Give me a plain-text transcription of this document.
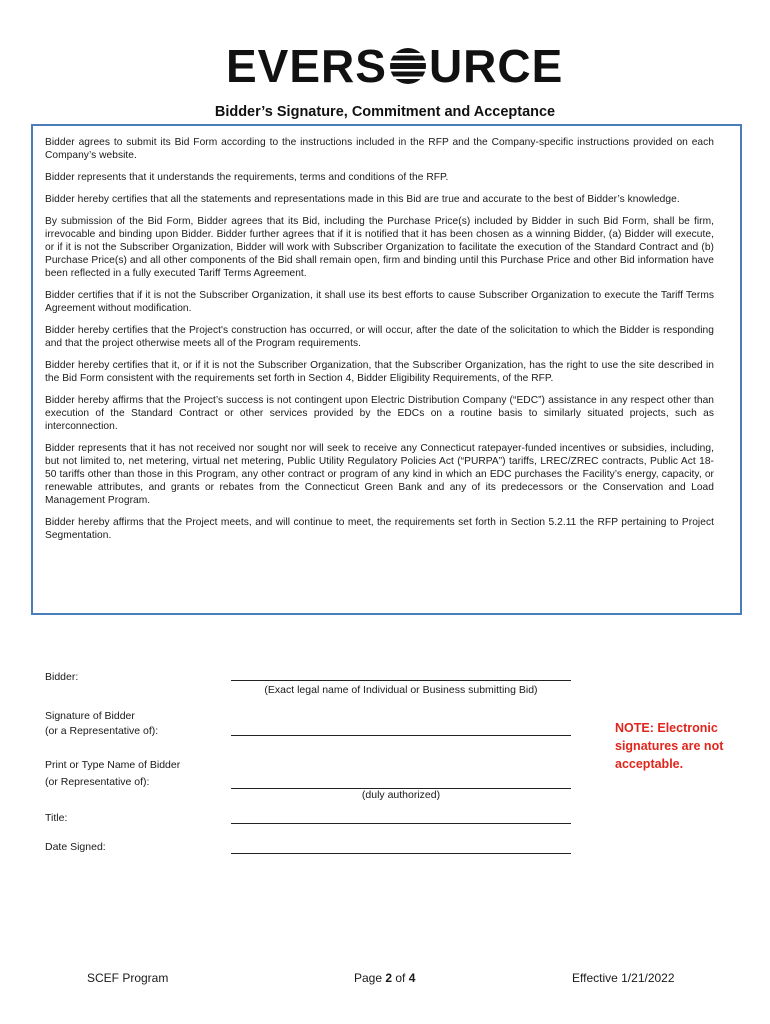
EVERS URCE
Bidder’s Signature, Commitment and Acceptance

Bidder agrees to submit its Bid Form according to the instructions included in the RFP and the Company-specific instructions provided on each Company’s website.

Bidder represents that it understands the requirements, terms and conditions of the RFP.

Bidder hereby certifies that all the statements and representations made in this Bid are true and accurate to the best of Bidder’s knowledge.

By submission of the Bid Form, Bidder agrees that its Bid, including the Purchase Price(s) included by Bidder in such Bid Form, shall be firm, irrevocable and binding upon Bidder. Bidder further agrees that if it is notified that it has been chosen as a winning Bidder, (a) Bidder will execute, or if it is not the Subscriber Organization, Bidder will work with Subscriber Organization to facilitate the execution of the Standard Contract and (b) Purchase Price(s) and all other components of the Bid shall remain open, firm and binding until this Purchase Price and other Bid information have been reflected in a fully executed Tariff Terms Agreement.

Bidder certifies that if it is not the Subscriber Organization, it shall use its best efforts to cause Subscriber Organization to execute the Tariff Terms Agreement without modification.

Bidder hereby certifies that the Project's construction has occurred, or will occur, after the date of the solicitation to which the Bidder is responding and that the project otherwise meets all of the Program requirements.

Bidder hereby certifies that it, or if it is not the Subscriber Organization, that the Subscriber Organization, has the right to use the site described in the Bid Form consistent with the requirements set forth in Section 4, Bidder Eligibility Requirements, of the RFP.

Bidder hereby affirms that the Project’s success is not contingent upon Electric Distribution Company (“EDC”) assistance in any respect other than execution of the Standard Contract or other services provided by the EDCs on a routine basis to similarly situated projects, such as interconnection.

Bidder represents that it has not received nor sought nor will seek to receive any Connecticut ratepayer-funded incentives or subsidies, including, but not limited to, net metering, virtual net metering, Public Utility Regulatory Policies Act (“PURPA”) tariffs, LREC/ZREC contracts, Public Act 18-50 tariffs other than those in this Program, any other contract or program of any kind in which an EDC purchases the Facility’s energy, capacity, or renewable attributes, and grants or rebates from the Connecticut Green Bank and any of its predecessors or the Conservation and Load Management Program.

Bidder hereby affirms that the Project meets, and will continue to meet, the requirements set forth in Section 5.2.11 the RFP pertaining to Project Segmentation.

Bidder:
(Exact legal name of Individual or Business submitting Bid)
Signature of Bidder
(or a Representative of):
Print or Type Name of Bidder
(or Representative of):
(duly authorized)
Title:
Date Signed:
NOTE: Electronic signatures are not acceptable.
SCEF Program	Page 2 of 4	Effective 1/21/2022
